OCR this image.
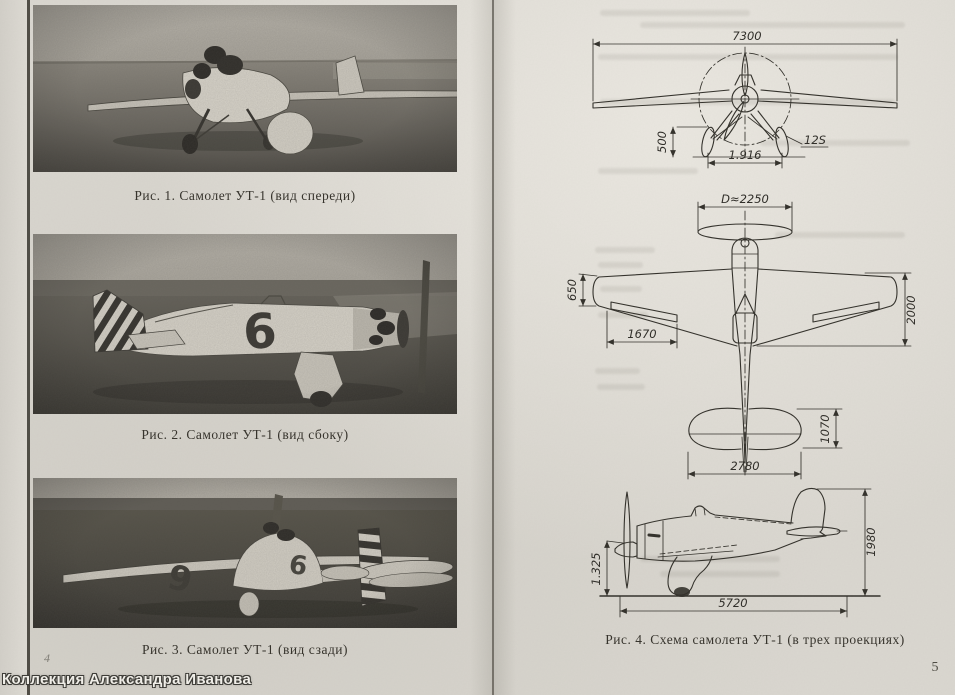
Рис. 1. Самолет УТ-1 (вид спереди)
Рис. 2. Самолет УТ-1 (вид сбоку)
Рис. 3. Самолет УТ-1 (вид сзади)
7300
500
1.916
12S
D≈2250
650
1670
2000
1070
2780
1.325
1980
5720
Рис. 4. Схема самолета УТ-1 (в трех проекциях)
5
4
Коллекция Александра Иванова
